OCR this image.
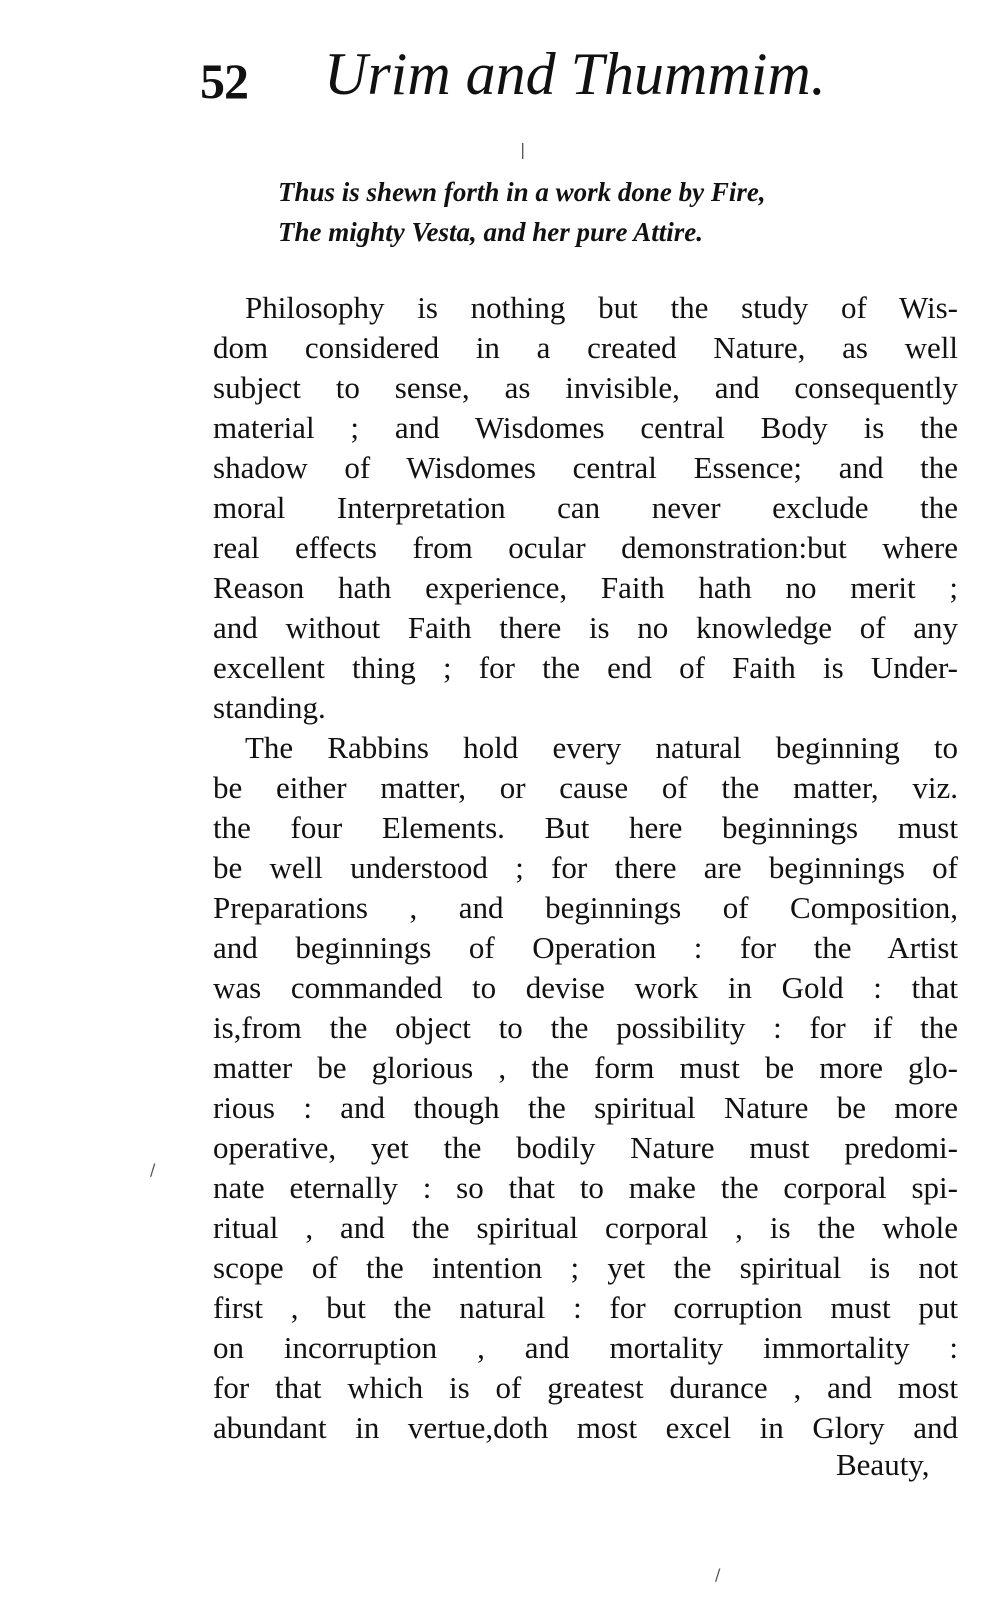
52 Urim and Thummim.
Thus is shewn forth in a work done by Fire,
The mighty Vesta, and her pure Attire.
Philosophy is nothing but the study of Wis-
dom considered in a created Nature, as well
subject to sense, as invisible, and consequently
material ; and Wisdomes central Body is the
shadow of Wisdomes central Essence; and the
moral Interpretation can never exclude the
real effects from ocular demonstration:but where
Reason hath experience, Faith hath no merit ;
and without Faith there is no knowledge of any
excellent thing ; for the end of Faith is Under-
standing.
The Rabbins hold every natural beginning to
be either matter, or cause of the matter, viz.
the four Elements. But here beginnings must
be well understood ; for there are beginnings of
Preparations , and beginnings of Composition,
and beginnings of Operation : for the Artist
was commanded to devise work in Gold : that
is,from the object to the possibility : for if the
matter be glorious , the form must be more glo-
rious : and though the spiritual Nature be more
operative, yet the bodily Nature must predomi-
nate eternally : so that to make the corporal spi-
ritual , and the spiritual corporal , is the whole
scope of the intention ; yet the spiritual is not
first , but the natural : for corruption must put
on incorruption , and mortality immortality :
for that which is of greatest durance , and most
abundant in vertue,doth most excel in Glory and
Beauty,
|
/
/
